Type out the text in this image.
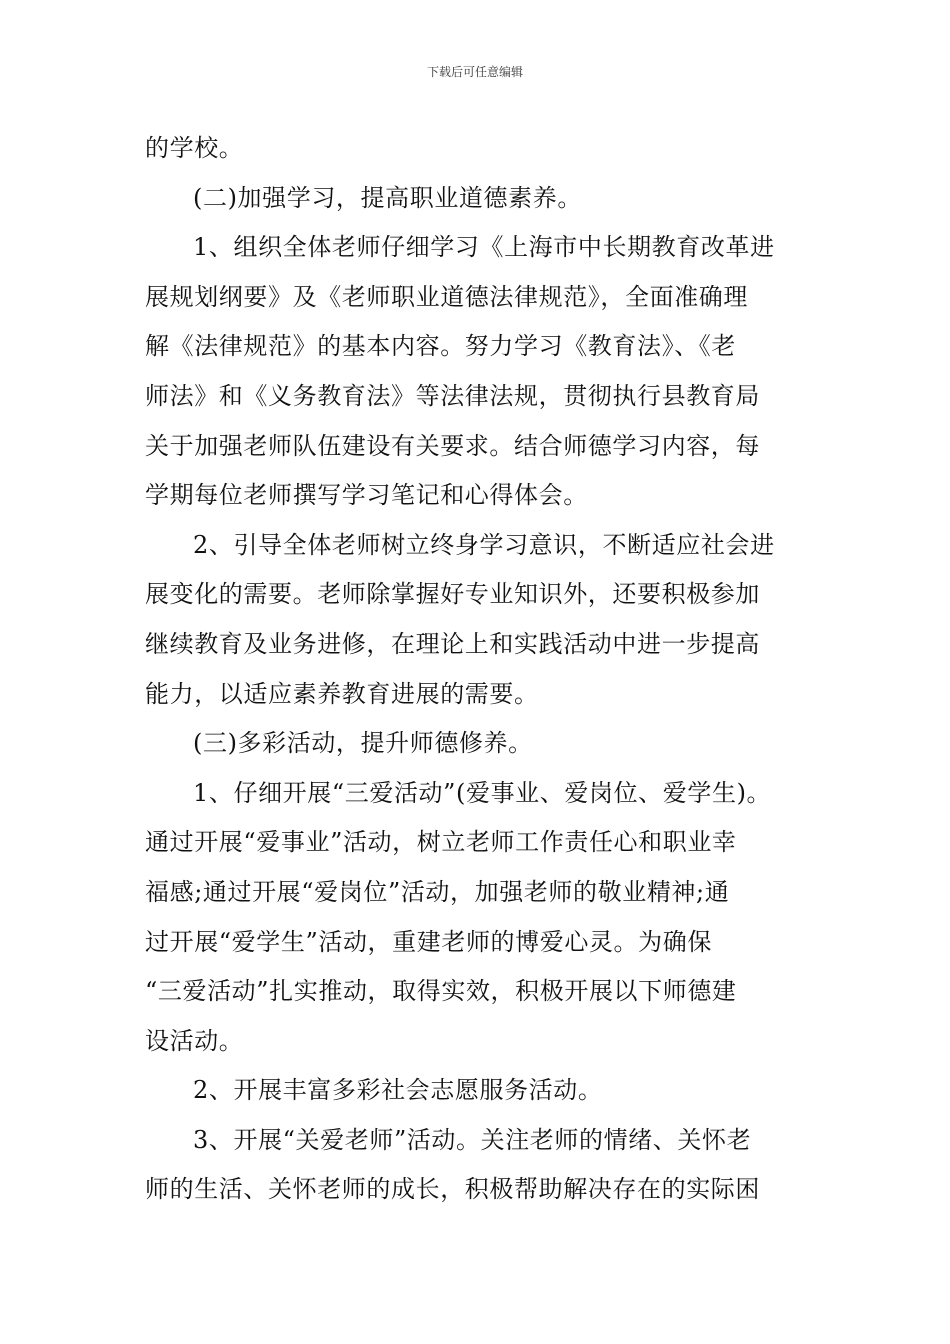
下载后可任意编辑
的学校。
(二)加强学习，提高职业道德素养。
1、组织全体老师仔细学习《上海市中长期教育改革进
展规划纲要》及《老师职业道德法律规范》，全面准确理
解《法律规范》的基本内容。努力学习《教育法》、《老
师法》和《义务教育法》等法律法规，贯彻执行县教育局
关于加强老师队伍建设有关要求。结合师德学习内容，每
学期每位老师撰写学习笔记和心得体会。
2、引导全体老师树立终身学习意识，不断适应社会进
展变化的需要。老师除掌握好专业知识外，还要积极参加
继续教育及业务进修，在理论上和实践活动中进一步提高
能力，以适应素养教育进展的需要。
(三)多彩活动，提升师德修养。
1、仔细开展“三爱活动”(爱事业、爱岗位、爱学生)。
通过开展“爱事业”活动，树立老师工作责任心和职业幸
福感;通过开展“爱岗位”活动，加强老师的敬业精神;通
过开展“爱学生”活动，重建老师的博爱心灵。为确保
“三爱活动”扎实推动，取得实效，积极开展以下师德建
设活动。
2、开展丰富多彩社会志愿服务活动。
3、开展“关爱老师”活动。关注老师的情绪、关怀老
师的生活、关怀老师的成长，积极帮助解决存在的实际困
